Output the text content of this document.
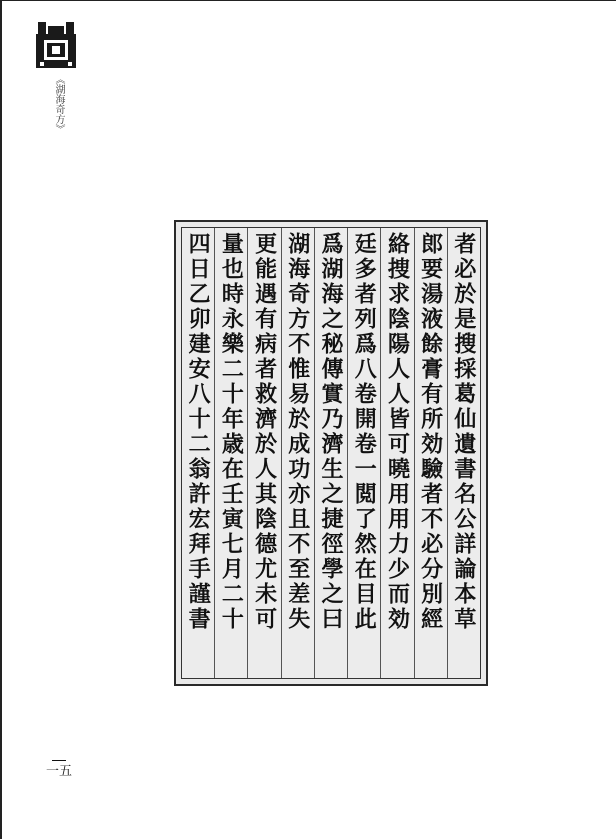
《湖海奇方》
者必於是搜採葛仙遺書名公詳論本草
郎要湯液餘膏有所効驗者不必分別經
絡捜求陰陽人人皆可曉用用力少而効
廷多者列爲八卷開卷一閲了然在目此
爲湖海之秘傳實乃濟生之捷徑學之曰
湖海奇方不惟易於成功亦且不至差失
更能遇有病者救濟於人其陰德尤未可
量也時永樂二十年歳在壬寅七月二十
四日乙卯建安八十二翁許宏拜手謹書
一五
